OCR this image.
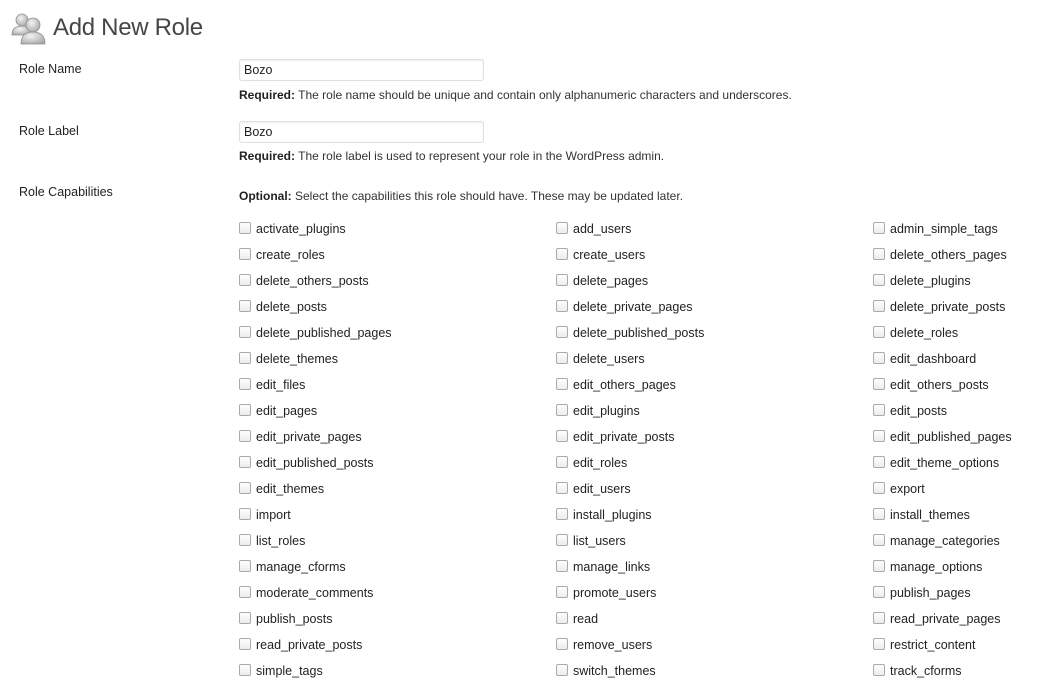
Add New Role
Role Name
Bozo
Required: The role name should be unique and contain only alphanumeric characters and underscores.
Role Label
Bozo
Required: The role label is used to represent your role in the WordPress admin.
Role Capabilities	Optional: Select the capabilities this role should have. These may be updated later.
activate_plugins	add_users	admin_simple_tags
create_roles	create_users	delete_others_pages
delete_others_posts	delete_pages	delete_plugins
delete_posts	delete_private_pages	delete_private_posts
delete_published_pages	delete_published_posts	delete_roles
delete_themes	delete_users	edit_dashboard
edit_files	edit_others_pages	edit_others_posts
edit_pages	edit_plugins	edit_posts
edit_private_pages	edit_private_posts	edit_published_pages
edit_published_posts	edit_roles	edit_theme_options
edit_themes	edit_users	export
import	install_plugins	install_themes
list_roles	list_users	manage_categories
manage_cforms	manage_links	manage_options
moderate_comments	promote_users	publish_pages
publish_posts	read	read_private_pages
read_private_posts	remove_users	restrict_content
simple_tags	switch_themes	track_cforms
